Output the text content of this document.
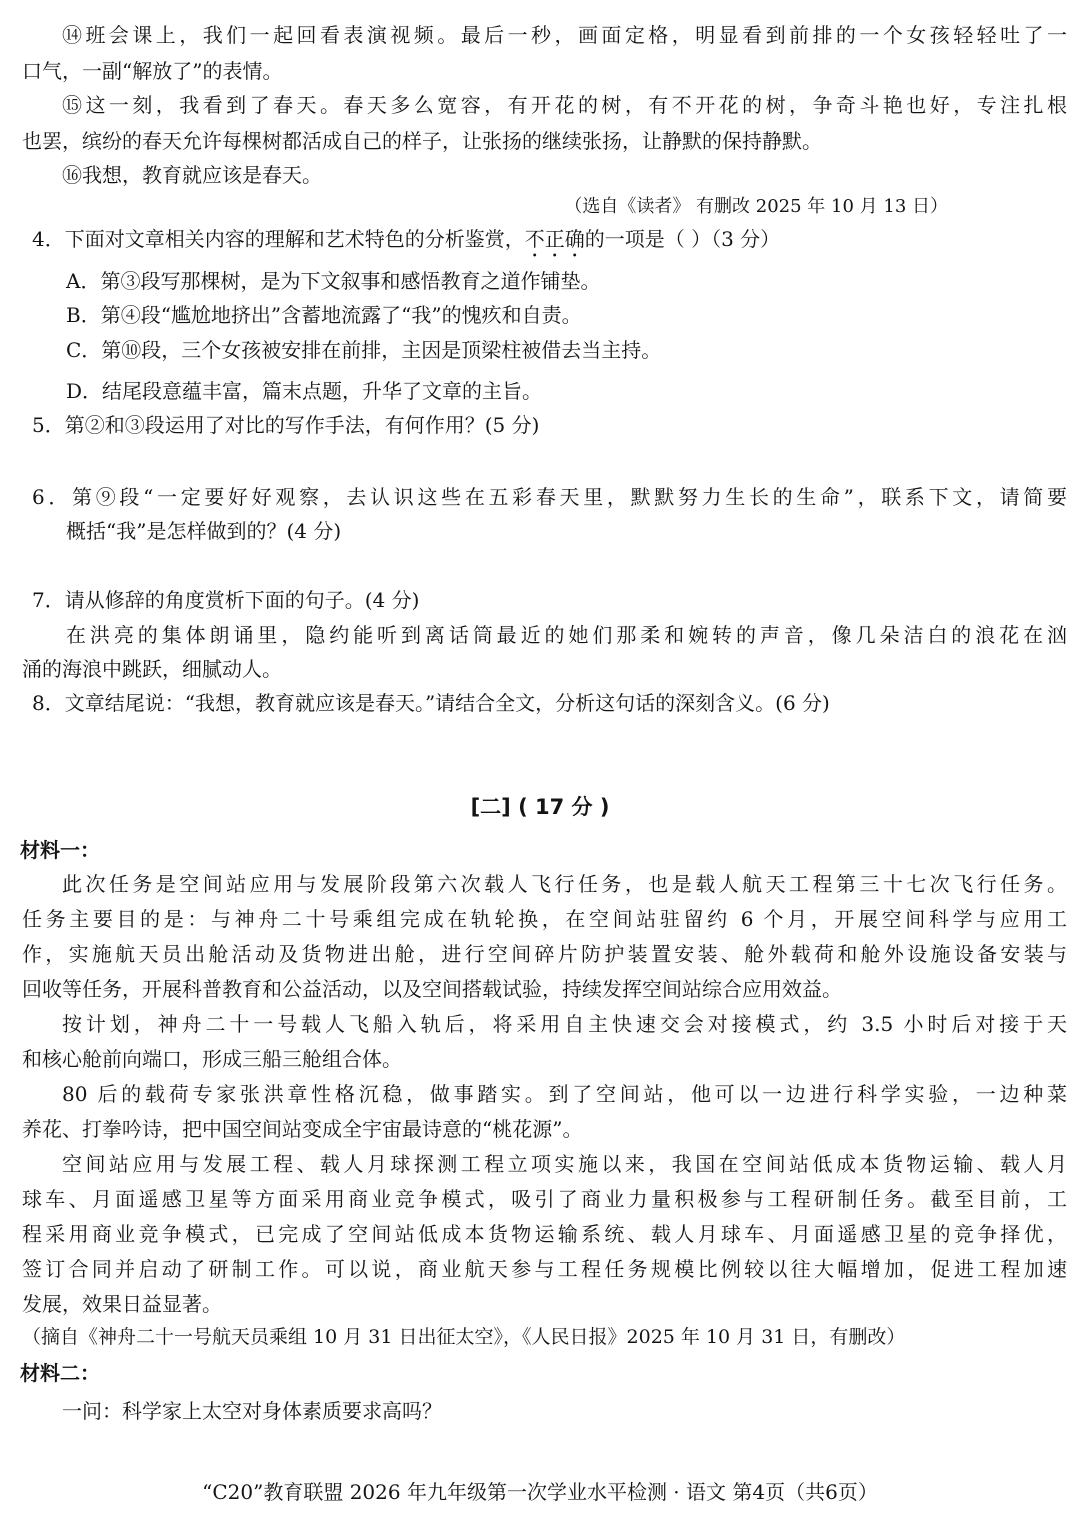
⑭班会课上，我们一起回看表演视频。最后一秒，画面定格，明显看到前排的一个女孩轻轻吐了一
口气，一副“解放了”的表情。
⑮这一刻，我看到了春天。春天多么宽容，有开花的树，有不开花的树，争奇斗艳也好，专注扎根
也罢，缤纷的春天允许每棵树都活成自己的样子，让张扬的继续张扬，让静默的保持静默。
⑯我想，教育就应该是春天。
（选自《读者》 有删改 2025 年 10 月 13 日）
4．下面对文章相关内容的理解和艺术特色的分析鉴赏，不正确的一项是（ ）（3 分）
A．第③段写那棵树，是为下文叙事和感悟教育之道作铺垫。
B．第④段“尴尬地挤出”含蓄地流露了“我”的愧疚和自责。
C．第⑩段，三个女孩被安排在前排，主因是顶梁柱被借去当主持。
D．结尾段意蕴丰富，篇末点题，升华了文章的主旨。
5．第②和③段运用了对比的写作手法，有何作用？(5 分)
6．第⑨段“一定要好好观察，去认识这些在五彩春天里，默默努力生长的生命”，联系下文，请简要
概括“我”是怎样做到的？(4 分)
7．请从修辞的角度赏析下面的句子。(4 分)
在洪亮的集体朗诵里，隐约能听到离话筒最近的她们那柔和婉转的声音，像几朵洁白的浪花在汹
涌的海浪中跳跃，细腻动人。
8．文章结尾说：“我想，教育就应该是春天。”请结合全文，分析这句话的深刻含义。(6 分)
[二] ( 17 分 )
材料一：
此次任务是空间站应用与发展阶段第六次载人飞行任务，也是载人航天工程第三十七次飞行任务。
任务主要目的是：与神舟二十号乘组完成在轨轮换，在空间站驻留约 6 个月，开展空间科学与应用工
作，实施航天员出舱活动及货物进出舱，进行空间碎片防护装置安装、舱外载荷和舱外设施设备安装与
回收等任务，开展科普教育和公益活动，以及空间搭载试验，持续发挥空间站综合应用效益。
按计划，神舟二十一号载人飞船入轨后，将采用自主快速交会对接模式，约 3.5 小时后对接于天
和核心舱前向端口，形成三船三舱组合体。
80 后的载荷专家张洪章性格沉稳，做事踏实。到了空间站，他可以一边进行科学实验，一边种菜
养花、打拳吟诗，把中国空间站变成全宇宙最诗意的“桃花源”。
空间站应用与发展工程、载人月球探测工程立项实施以来，我国在空间站低成本货物运输、载人月
球车、月面遥感卫星等方面采用商业竞争模式，吸引了商业力量积极参与工程研制任务。截至目前，工
程采用商业竞争模式，已完成了空间站低成本货物运输系统、载人月球车、月面遥感卫星的竞争择优，
签订合同并启动了研制工作。可以说，商业航天参与工程任务规模比例较以往大幅增加，促进工程加速
发展，效果日益显著。
（摘自《神舟二十一号航天员乘组 10 月 31 日出征太空》，《人民日报》2025 年 10 月 31 日，有删改）
材料二：
一问：科学家上太空对身体素质要求高吗？
“C20”教育联盟 2026 年九年级第一次学业水平检测 · 语文 第4页（共6页）
